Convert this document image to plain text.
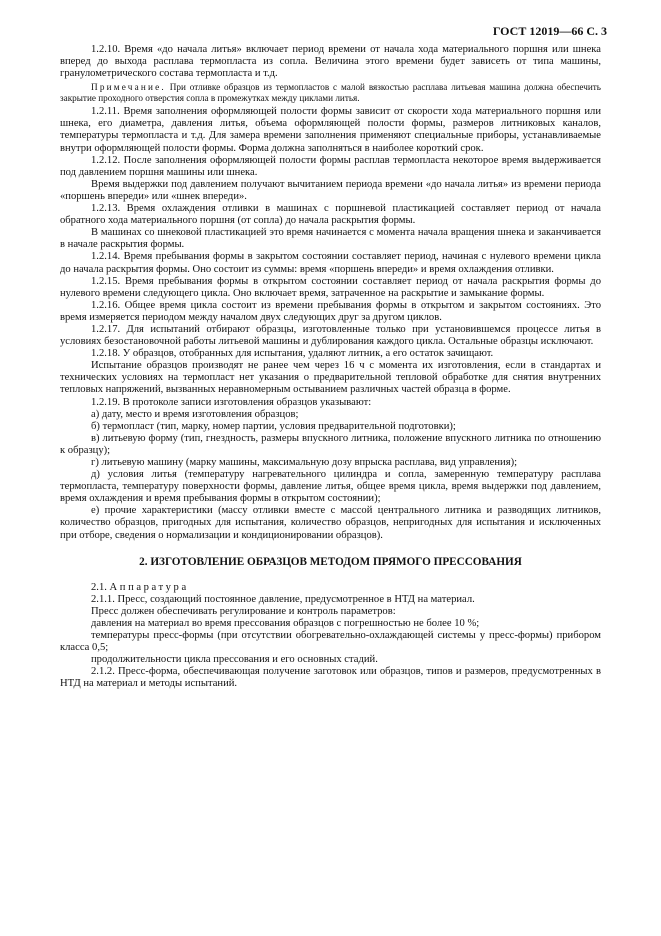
ГОСТ 12019—66 С. 3

1.2.10. Время «до начала литья» включает период времени от начала хода материального поршня или шнека вперед до выхода расплава термопласта из сопла. Величина этого времени будет зависеть от типа машины, гранулометрического состава термопласта и т.д.

Примечание. При отливке образцов из термопластов с малой вязкостью расплава литьевая машина должна обеспечить закрытие проходного отверстия сопла в промежутках между циклами литья.

1.2.11. Время заполнения оформляющей полости формы зависит от скорости хода материального поршня или шнека, его диаметра, давления литья, объема оформляющей полости формы, размеров литниковых каналов, температуры термопласта и т.д. Для замера времени заполнения применяют специальные приборы, устанавливаемые внутри оформляющей полости формы. Форма должна заполняться в наиболее короткий срок.

1.2.12. После заполнения оформляющей полости формы расплав термопласта некоторое время выдерживается под давлением поршня машины или шнека.

Время выдержки под давлением получают вычитанием периода времени «до начала литья» из времени периода «поршень впереди» или «шнек впереди».

1.2.13. Время охлаждения отливки в машинах с поршневой пластикацией составляет период от начала обратного хода материального поршня (от сопла) до начала раскрытия формы.

В машинах со шнековой пластикацией это время начинается с момента начала вращения шнека и заканчивается в начале раскрытия формы.

1.2.14. Время пребывания формы в закрытом состоянии составляет период, начиная с нулевого времени цикла до начала раскрытия формы. Оно состоит из суммы: время «поршень впереди» и время охлаждения отливки.

1.2.15. Время пребывания формы в открытом состоянии составляет период от начала раскрытия формы до нулевого времени следующего цикла. Оно включает время, затраченное на раскрытие и замыкание формы.

1.2.16. Общее время цикла состоит из времени пребывания формы в открытом и закрытом состояниях. Это время измеряется периодом между началом двух следующих друг за другом циклов.

1.2.17. Для испытаний отбирают образцы, изготовленные только при установившемся процессе литья в условиях безостановочной работы литьевой машины и дублирования каждого цикла. Остальные образцы исключают.

1.2.18. У образцов, отобранных для испытания, удаляют литник, а его остаток зачищают.

Испытание образцов производят не ранее чем через 16 ч с момента их изготовления, если в стандартах и технических условиях на термопласт нет указания о предварительной тепловой обработке для снятия внутренних тепловых напряжений, вызванных неравномерным остыванием различных частей образца в форме.

1.2.19. В протоколе записи изготовления образцов указывают:

а) дату, место и время изготовления образцов;

б) термопласт (тип, марку, номер партии, условия предварительной подготовки);

в) литьевую форму (тип, гнездность, размеры впускного литника, положение впускного литника по отношению к образцу);

г) литьевую машину (марку машины, максимальную дозу впрыска расплава, вид управления);

д) условия литья (температуру нагревательного цилиндра и сопла, замеренную температуру расплава термопласта, температуру поверхности формы, давление литья, общее время цикла, время выдержки под давлением, время охлаждения и время пребывания формы в открытом состоянии);

е) прочие характеристики (массу отливки вместе с массой центрального литника и разводящих литников, количество образцов, пригодных для испытания, количество образцов, непригодных для испытания и исключенных при отборе, сведения о нормализации и кондиционировании образцов).

2. ИЗГОТОВЛЕНИЕ ОБРАЗЦОВ МЕТОДОМ ПРЯМОГО ПРЕССОВАНИЯ

2.1. Аппаратура

2.1.1. Пресс, создающий постоянное давление, предусмотренное в НТД на материал.

Пресс должен обеспечивать регулирование и контроль параметров:

давления на материал во время прессования образцов с погрешностью не более 10 %;

температуры пресс-формы (при отсутствии обогревательно-охлаждающей системы у пресс-формы) прибором класса 0,5;

продолжительности цикла прессования и его основных стадий.

2.1.2. Пресс-форма, обеспечивающая получение заготовок или образцов, типов и размеров, предусмотренных в НТД на материал и методы испытаний.
